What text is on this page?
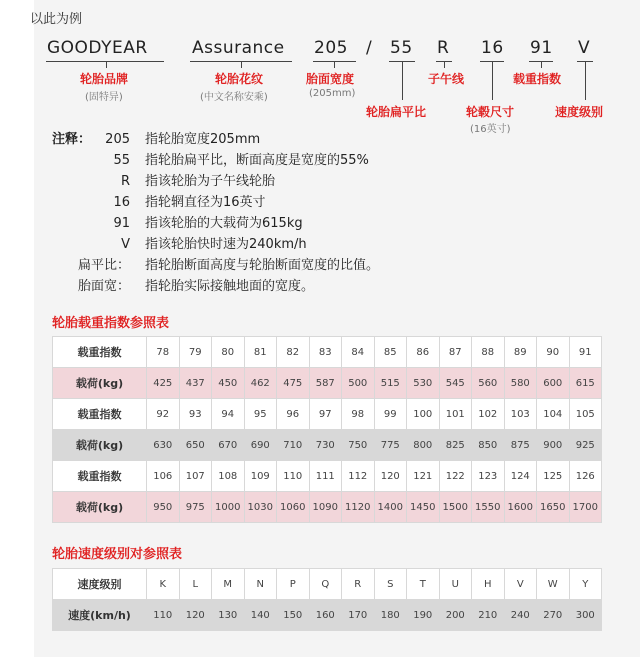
以此为例
GOODYEAR	Assurance 205 / 55 R 16 91 V
轮胎品牌
(固特异)
轮胎花纹
(中文名称安乘)
胎面宽度
(205mm)
子午线	载重指数
轮胎扁平比	轮毂尺寸
(16英寸)
速度级别
注释： 205 指轮胎宽度205mm
55 指轮胎扁平比，断面高度是宽度的55%
R 指该轮胎为子午线轮胎
16 指轮辋直径为16英寸
91 指该轮胎的大载荷为615kg
V 指该轮胎快时速为240km/h
扁平比： 指轮胎断面高度与轮胎断面宽度的比值。
胎面宽： 指轮胎实际接触地面的宽度。
轮胎载重指数参照表
载重指数	78	79	80	81	82	83	84	85	86	87	88	89	90	91
载荷(kg)	425	437	450	462	475	587	500	515	530	545	560	580	600	615
载重指数	92	93	94	95	96	97	98	99	100	101	102	103	104	105
载荷(kg)	630	650	670	690	710	730	750	775	800	825	850	875	900	925
载重指数	106	107	108	109	110	111	112	120	121	122	123	124	125	126
载荷(kg)	950	975	1000	1030	1060	1090	1120	1400	1450	1500	1550	1600	1650	1700
轮胎速度级别对参照表
速度级别	K	L	M	N	P	Q	R	S	T	U	H	V	W	Y
速度(km/h)	110	120	130	140	150	160	170	180	190	200	210	240	270	300
